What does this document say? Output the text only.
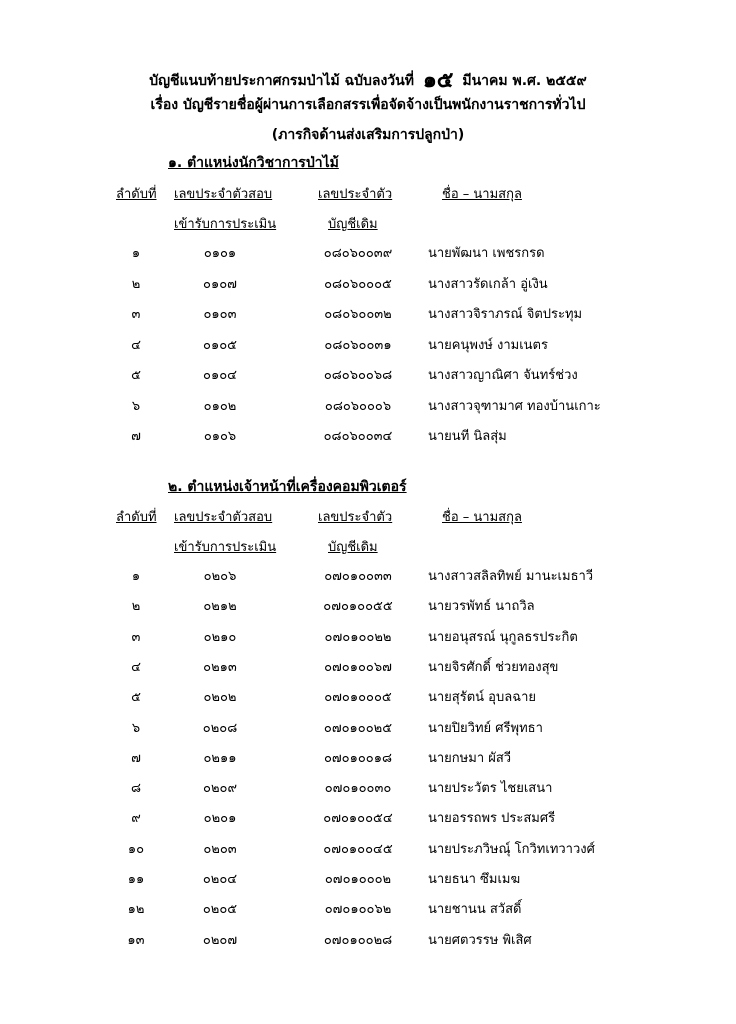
บัญชีแนบท้ายประกาศกรมป่าไม้ ฉบับลงวันที่ ๑๕ มีนาคม พ.ศ. ๒๕๕๙
เรื่อง บัญชีรายชื่อผู้ผ่านการเลือกสรรเพื่อจัดจ้างเป็นพนักงานราชการทั่วไป
(ภารกิจด้านส่งเสริมการปลูกป่า)
๑. ตำแหน่งนักวิชาการป่าไม้
ลำดับที่ เลขประจำตัวสอบ	เลขประจำตัว	ชื่อ – นามสกุล
เข้ารับการประเมิน	บัญชีเดิม
๑	๐๑๐๑	๐๘๐๖๐๐๓๙	นายพัฒนา เพชรกรด
๒	๐๑๐๗	๐๘๐๖๐๐๐๕	นางสาวรัดเกล้า อู่เงิน
๓	๐๑๐๓	๐๘๐๖๐๐๓๒	นางสาวจิราภรณ์ จิตประทุม
๔	๐๑๐๕	๐๘๐๖๐๐๓๑	นายคนุพงษ์ งามเนตร
๕	๐๑๐๔	๐๘๐๖๐๐๖๘	นางสาวญาณิศา จันทร์ช่วง
๖	๐๑๐๒	๐๘๐๖๐๐๐๖	นางสาวจุฑามาศ ทองบ้านเกาะ
๗	๐๑๐๖	๐๘๐๖๐๐๓๔	นายนที นิลสุ่ม
๒. ตำแหน่งเจ้าหน้าที่เครื่องคอมพิวเตอร์
ลำดับที่ เลขประจำตัวสอบ	เลขประจำตัว	ชื่อ – นามสกุล
เข้ารับการประเมิน	บัญชีเดิม
๑	๐๒๐๖	๐๗๐๑๐๐๓๓	นางสาวสลิลทิพย์ มานะเมธาวี
๒	๐๒๑๒	๐๗๐๑๐๐๕๕	นายวรพัทธ์ นาถวิล
๓	๐๒๑๐	๐๗๐๑๐๐๒๒	นายอนุสรณ์ นุกูลธรประกิต
๔	๐๒๑๓	๐๗๐๑๐๐๖๗	นายจิรศักดิ์ ช่วยทองสุข
๕	๐๒๐๒	๐๗๐๑๐๐๐๕	นายสุรัตน์ อุบลฉาย
๖	๐๒๐๘	๐๗๐๑๐๐๒๕	นายปิยวิทย์ ศรีพุทธา
๗	๐๒๑๑	๐๗๐๑๐๐๑๘	นายกษมา ผัสวี
๘	๐๒๐๙	๐๗๐๑๐๐๓๐	นายประวัตร ไชยเสนา
๙	๐๒๐๑	๐๗๐๑๐๐๕๔	นายอรรถพร ประสมศรี
๑๐	๐๒๐๓	๐๗๐๑๐๐๔๕	นายประภวิษณุ์ โกวิทเทวาวงศ์
๑๑	๐๒๐๔	๐๗๐๑๐๐๐๒	นายธนา ซึมเมฆ
๑๒	๐๒๐๕	๐๗๐๑๐๐๖๒	นายชานน สวัสดิ์
๑๓	๐๒๐๗	๐๗๐๑๐๐๒๘	นายศตวรรษ พิเสิศ
